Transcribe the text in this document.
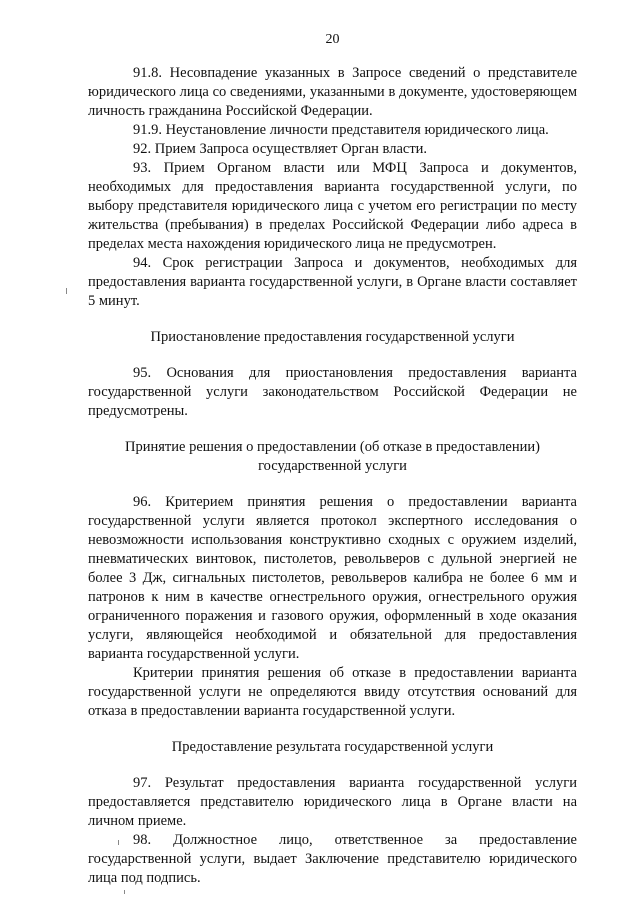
20

91.8. Несовпадение указанных в Запросе сведений о представителе юридического лица со сведениями, указанными в документе, удостоверяющем личность гражданина Российской Федерации.

91.9. Неустановление личности представителя юридического лица.

92. Прием Запроса осуществляет Орган власти.

93. Прием Органом власти или МФЦ Запроса и документов, необходимых для предоставления варианта государственной услуги, по выбору представителя юридического лица с учетом его регистрации по месту жительства (пребывания) в пределах Российской Федерации либо адреса в пределах места нахождения юридического лица не предусмотрен.

94. Срок регистрации Запроса и документов, необходимых для предоставления варианта государственной услуги, в Органе власти составляет 5 минут.

Приостановление предоставления государственной услуги

95. Основания для приостановления предоставления варианта государственной услуги законодательством Российской Федерации не предусмотрены.

Принятие решения о предоставлении (об отказе в предоставлении)
государственной услуги

96. Критерием принятия решения о предоставлении варианта государственной услуги является протокол экспертного исследования о невозможности использования конструктивно сходных с оружием изделий, пневматических винтовок, пистолетов, револьверов с дульной энергией не более 3 Дж, сигнальных пистолетов, револьверов калибра не более 6 мм и патронов к ним в качестве огнестрельного оружия, огнестрельного оружия ограниченного поражения и газового оружия, оформленный в ходе оказания услуги, являющейся необходимой и обязательной для предоставления варианта государственной услуги.

Критерии принятия решения об отказе в предоставлении варианта государственной услуги не определяются ввиду отсутствия оснований для отказа в предоставлении варианта государственной услуги.

Предоставление результата государственной услуги

97. Результат предоставления варианта государственной услуги предоставляется представителю юридического лица в Органе власти на личном приеме.

98. Должностное лицо, ответственное за предоставление государственной услуги, выдает Заключение представителю юридического лица под подпись.
